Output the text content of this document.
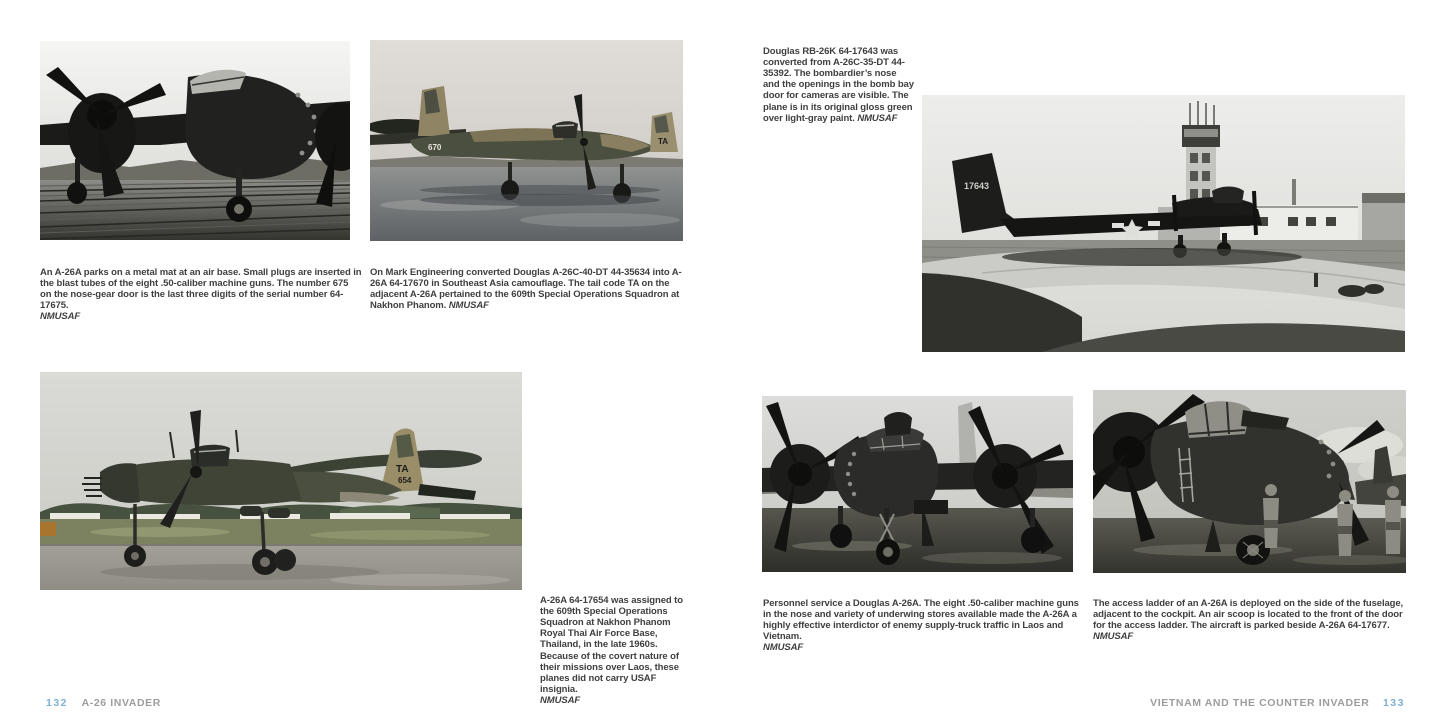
670
TA

An A-26A parks on a metal mat at an air base. Small plugs are inserted in the blast tubes of the eight .50-caliber machine guns. The number 675 on the nose-gear door is the last three digits of the serial number 64-17675.
NMUSAF

On Mark Engineering converted Douglas A-26C-40-DT 44-35634 into A-26A 64-17670 in Southeast Asia camouflage. The tail code TA on the adjacent A-26A pertained to the 609th Special Operations Squadron at Nakhon Phanom. NMUSAF

TA
654

A-26A 64-17654 was assigned to the 609th Special Operations Squadron at Nakhon Phanom Royal Thai Air Force Base, Thailand, in the late 1960s. Because of the covert nature of their missions over Laos, these planes did not carry USAF insignia.
NMUSAF

132 A-26 INVADER

Douglas RB-26K 64-17643 was converted from A-26C-35-DT 44-35392. The bombardier’s nose and the openings in the bomb bay door for cameras are visible. The plane is in its original gloss green over light-gray paint. NMUSAF

17643

Personnel service a Douglas A-26A. The eight .50-caliber machine guns in the nose and variety of underwing stores available made the A-26A a highly effective interdictor of enemy supply-truck traffic in Laos and Vietnam.
NMUSAF

The access ladder of an A-26A is deployed on the side of the fuselage, adjacent to the cockpit. An air scoop is located to the front of the door for the access ladder. The aircraft is parked beside A-26A 64-17677. NMUSAF

VIETNAM AND THE COUNTER INVADER 133
